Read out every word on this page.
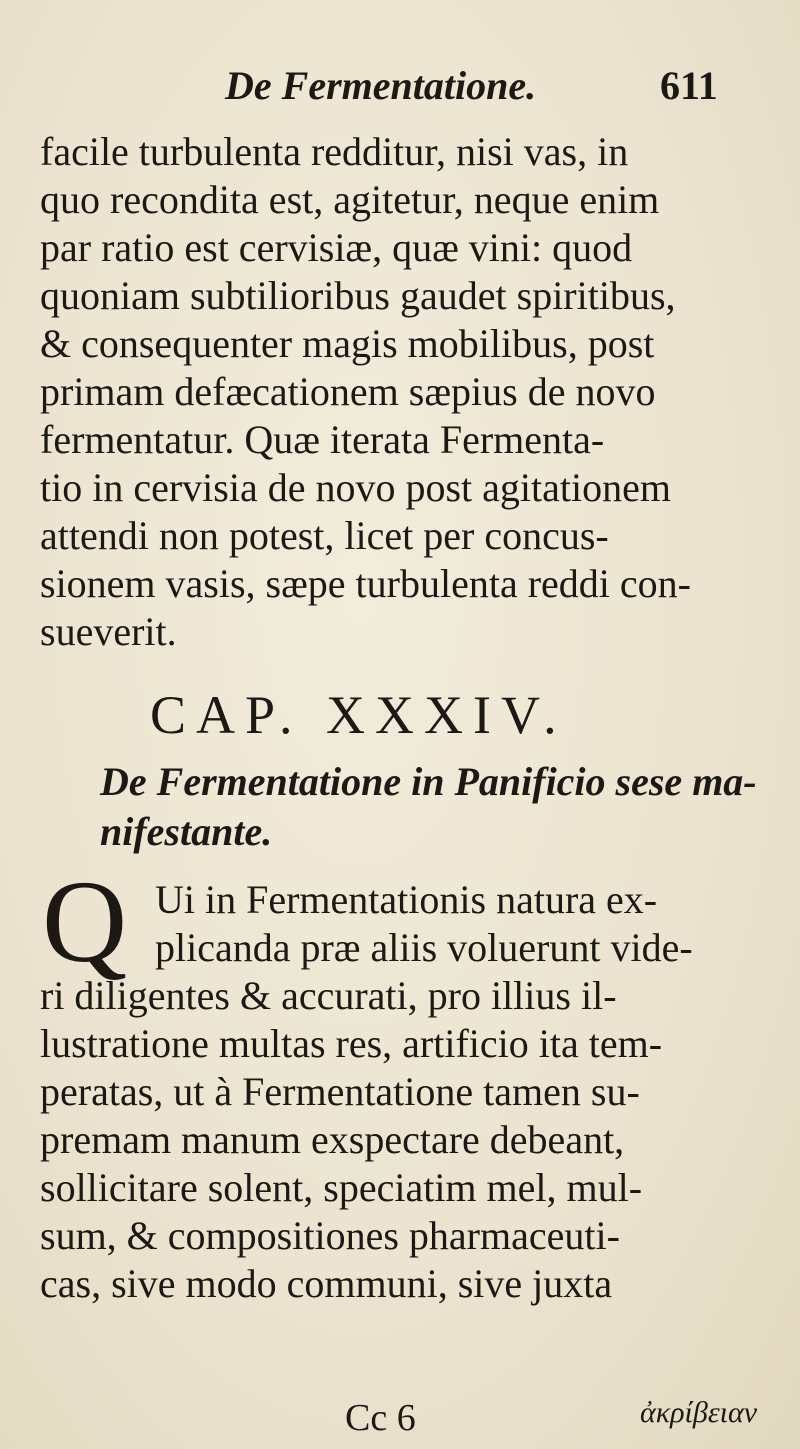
De Fermentatione.	611
facile turbulenta redditur, nisi vas, in
quo recondita est, agitetur, neque enim
par ratio est cervisiæ, quæ vini: quod
quoniam subtilioribus gaudet spiritibus,
& consequenter magis mobilibus, post
primam defæcationem sæpius de novo
fermentatur. Quæ iterata Fermenta-
tio in cervisia de novo post agitationem
attendi non potest, licet per concus-
sionem vasis, sæpe turbulenta reddi con-
sueverit.
CAP. XXXIV.
De Fermentatione in Panificio sese ma-
nifestante.
Q Ui in Fermentationis natura ex-
plicanda præ aliis voluerunt vide-
ri diligentes & accurati, pro illius il-
lustratione multas res, artificio ita tem-
peratas, ut à Fermentatione tamen su-
premam manum exspectare debeant,
sollicitare solent, speciatim mel, mul-
sum, & compositiones pharmaceuti-
cas, sive modo communi, sive juxta
Cc 6	ἀκρίβειαν
